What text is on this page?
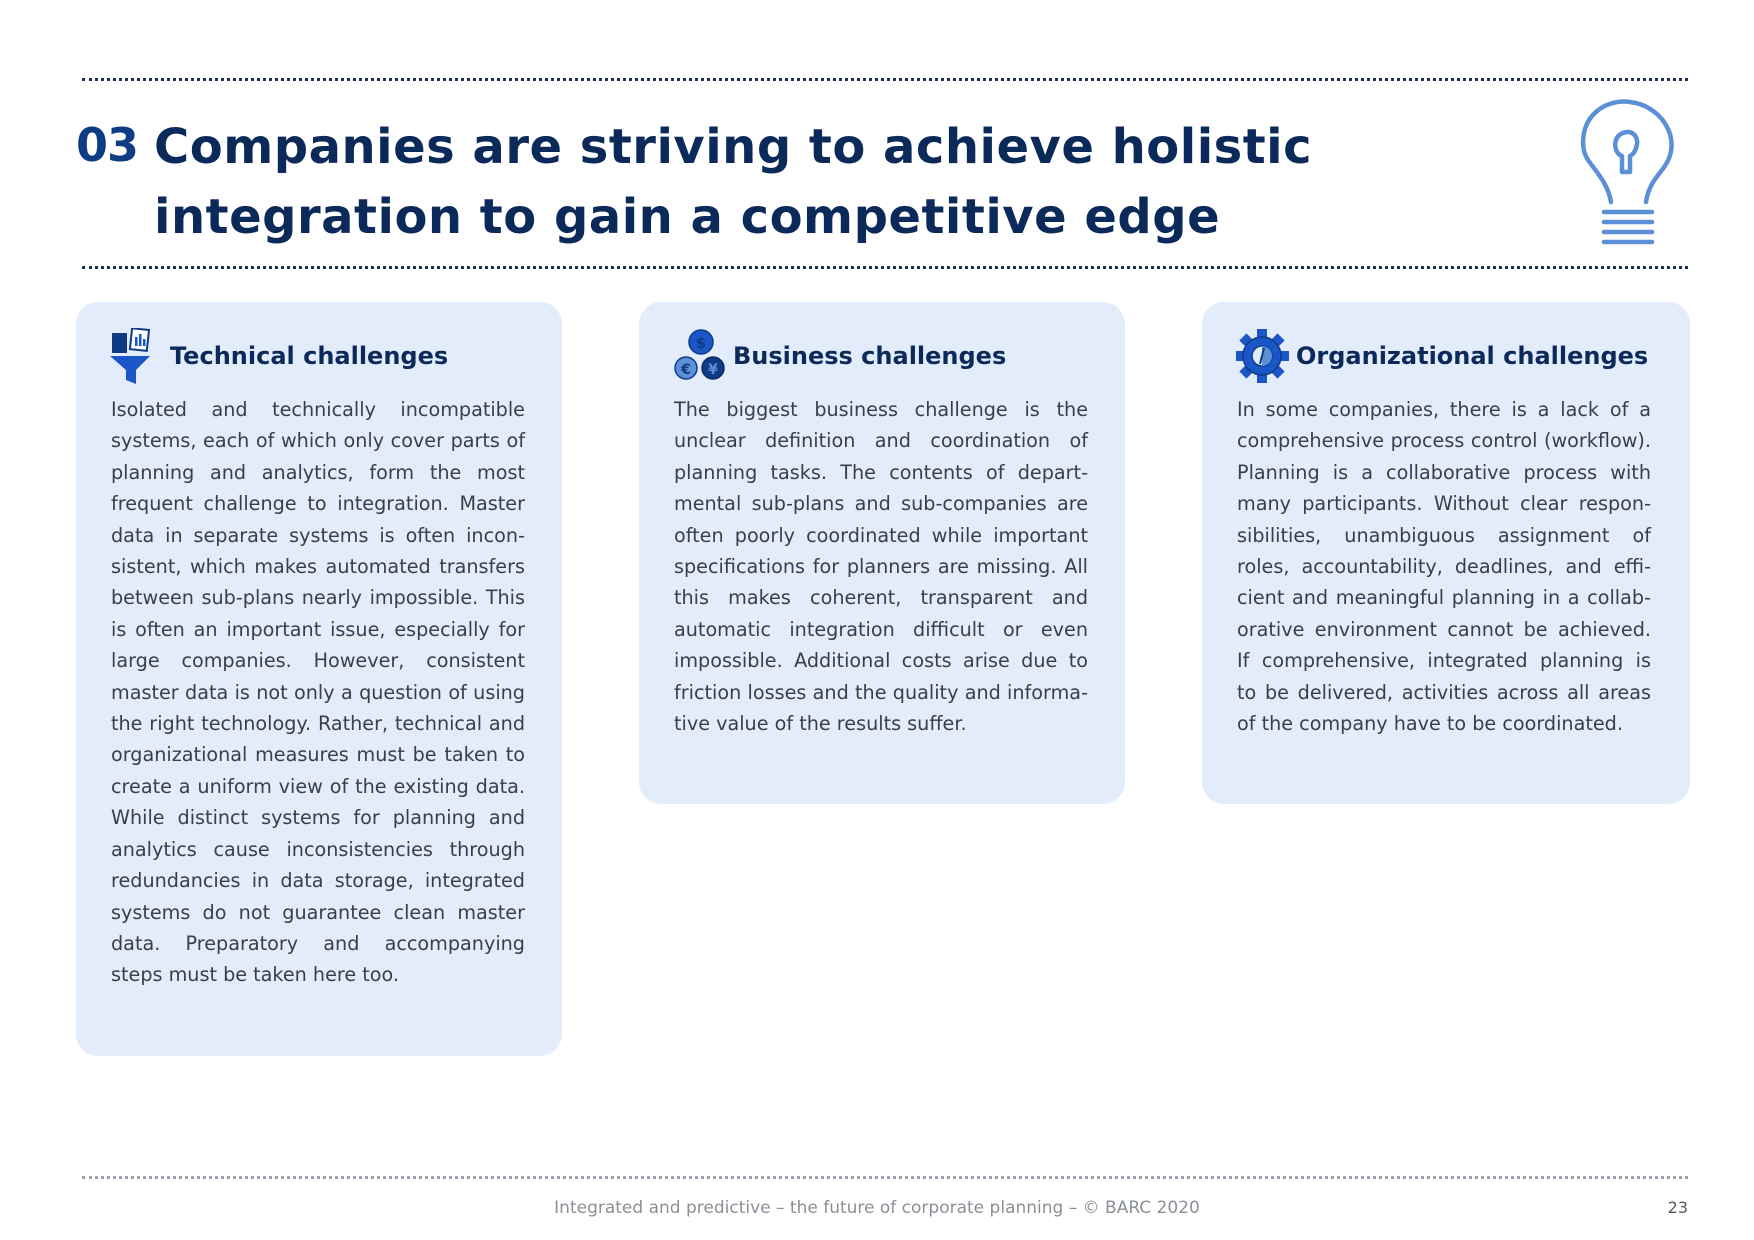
03 Companies are striving to achieve holistic integration to gain a competitive edge
Technical challenges

Isolated and technically incompatible systems, each of which only cover parts of planning and analytics, form the most frequent challenge to integration. Master data in separate systems is often inconsistent, which makes automated transfers between sub-plans nearly impossible. This is often an important issue, especially for large companies. However, consistent master data is not only a question of using the right technology. Rather, technical and organizational measures must be taken to create a uniform view of the existing data. While distinct systems for planning and analytics cause inconsistencies through redundancies in data storage, integrated systems do not guarantee clean master data. Preparatory and accompanying steps must be taken here too.

$
€ ¥ Business challenges

The biggest business challenge is the unclear definition and coordination of planning tasks. The contents of departmental sub-plans and sub-companies are often poorly coordinated while important specifications for planners are missing. All this makes coherent, transparent and automatic integration difficult or even impossible. Additional costs arise due to friction losses and the quality and informative value of the results suffer.

Organizational challenges

In some companies, there is a lack of a comprehensive process control (workflow). Planning is a collaborative process with many participants. Without clear responsibilities, unambiguous assignment of roles, accountability, deadlines, and efficient and meaningful planning in a collaborative environment cannot be achieved. If comprehensive, integrated planning is to be delivered, activities across all areas of the company have to be coordinated.

Integrated and predictive – the future of corporate planning – © BARC 2020	23
